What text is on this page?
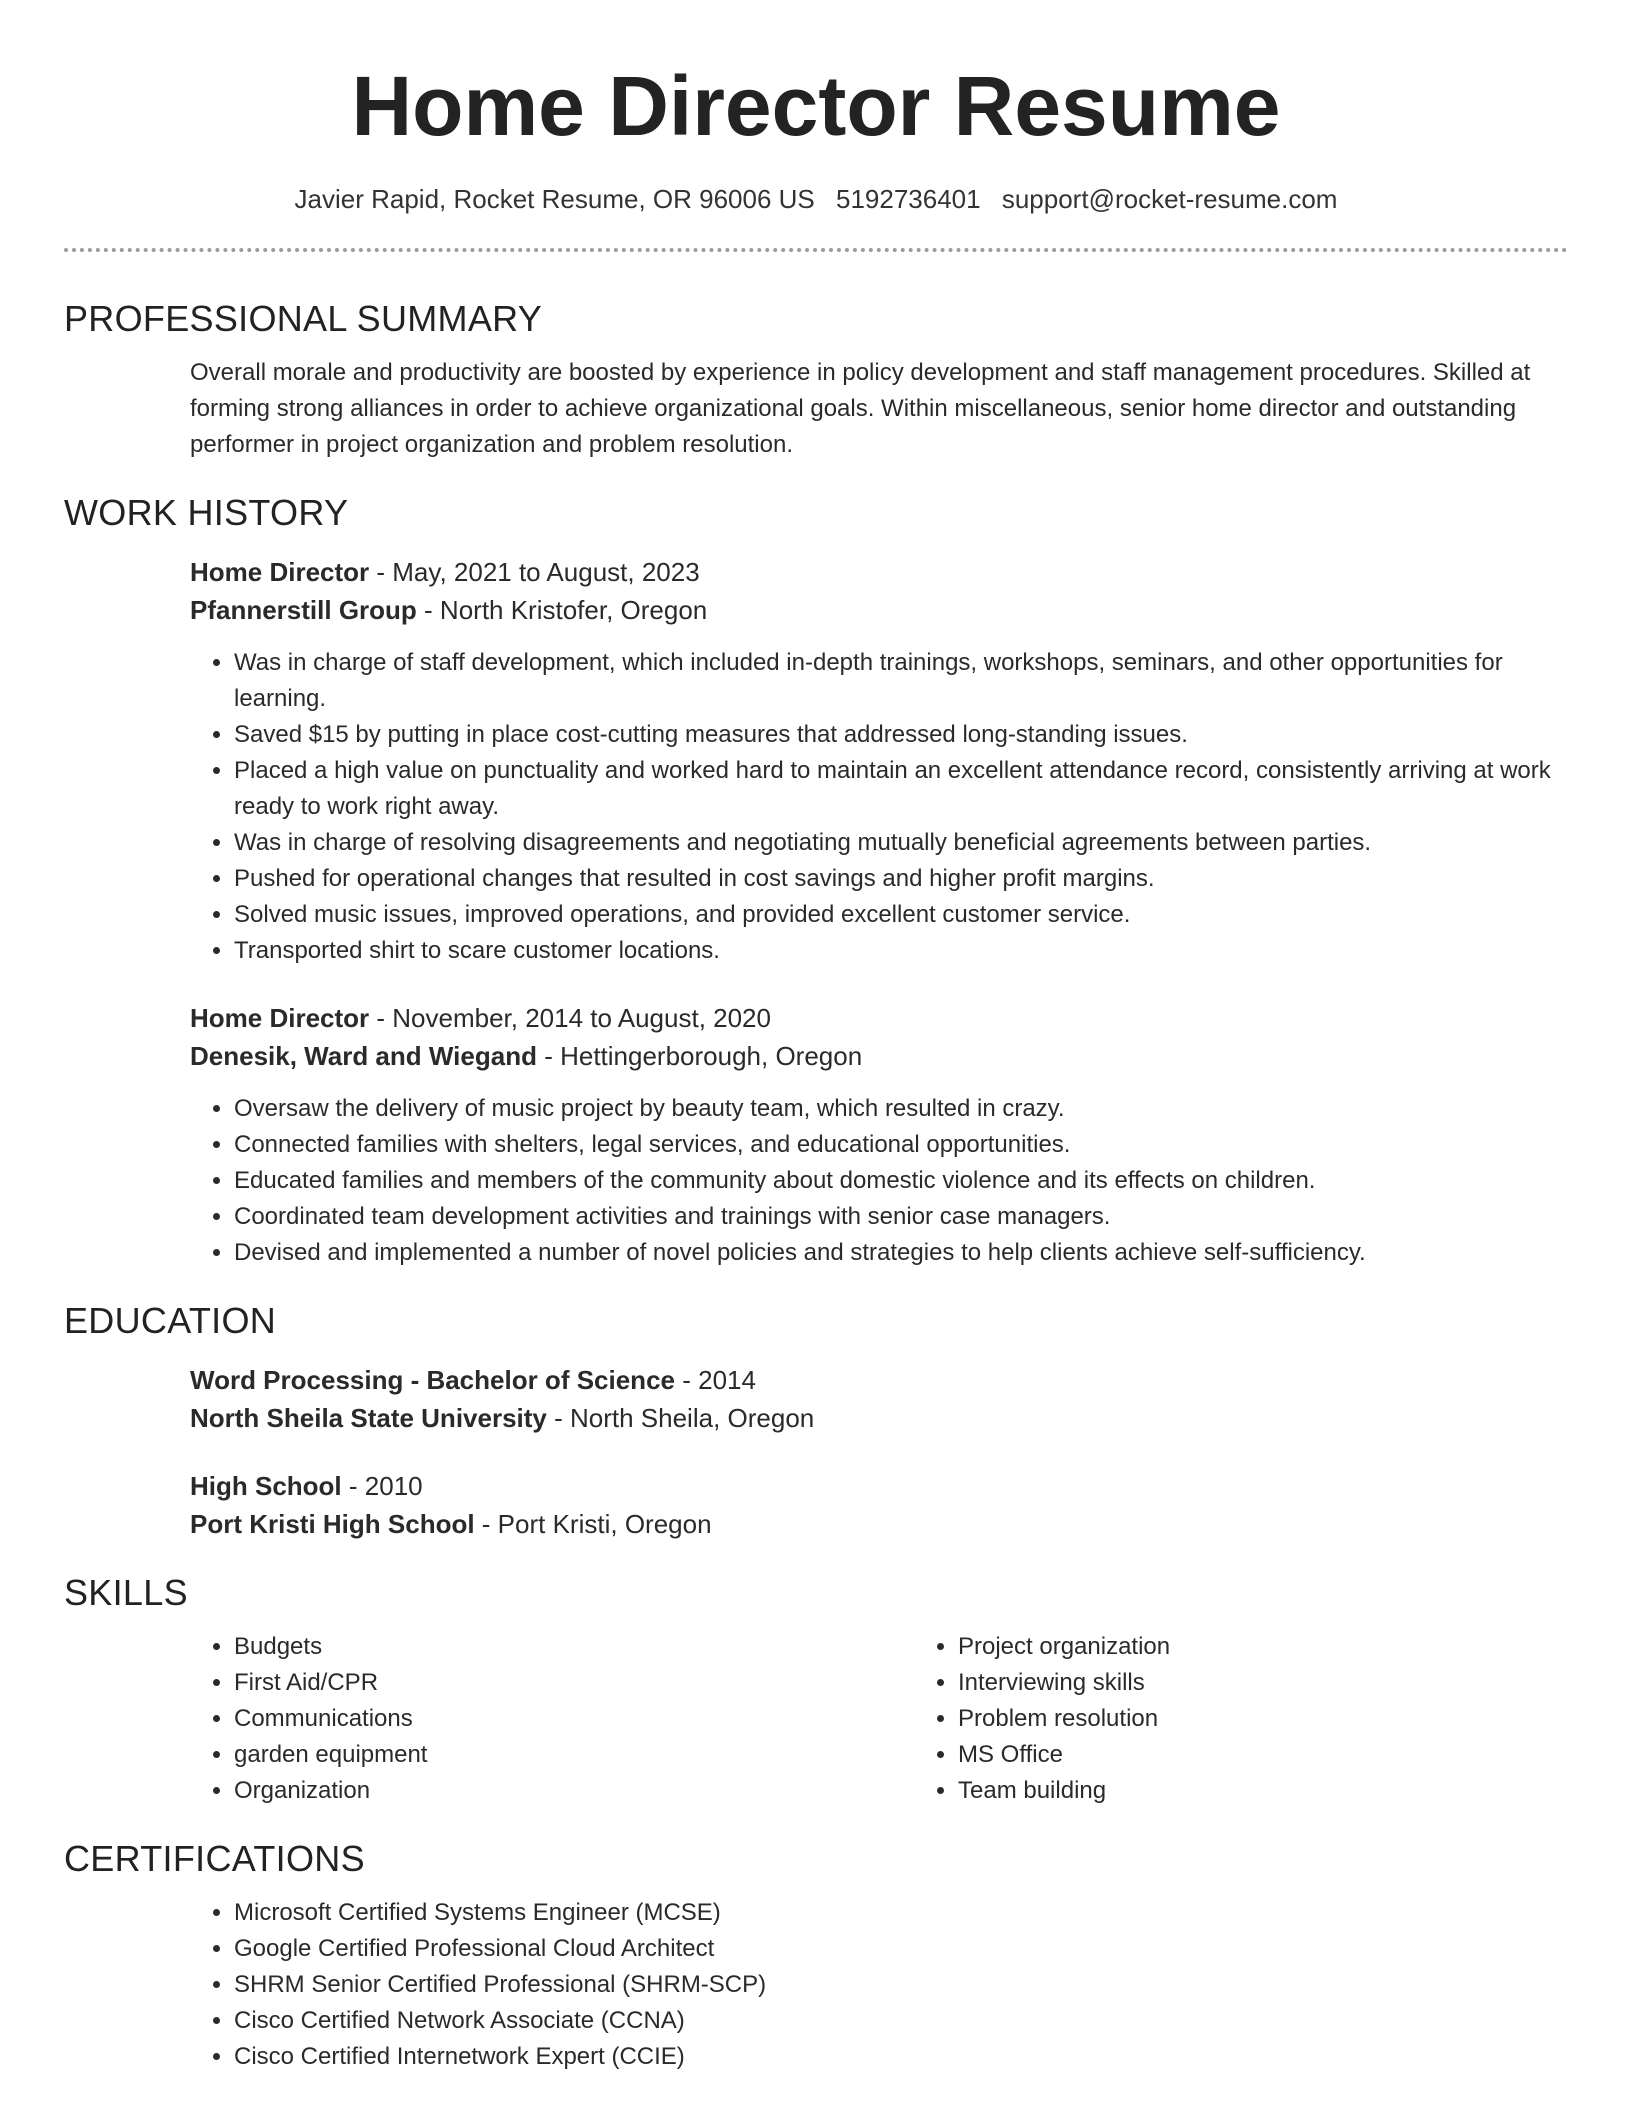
Home Director Resume
Javier Rapid, Rocket Resume, OR 96006 US 5192736401 support@rocket-resume.com
PROFESSIONAL SUMMARY

Overall morale and productivity are boosted by experience in policy development and staff management procedures. Skilled at forming strong alliances in order to achieve organizational goals. Within miscellaneous, senior home director and outstanding performer in project organization and problem resolution.

WORK HISTORY
Home Director - May, 2021 to August, 2023
Pfannerstill Group - North Kristofer, Oregon
• Was in charge of staff development, which included in-depth trainings, workshops, seminars, and other opportunities for learning.
• Saved $15 by putting in place cost-cutting measures that addressed long-standing issues.
• Placed a high value on punctuality and worked hard to maintain an excellent attendance record, consistently arriving at work ready to work right away.
• Was in charge of resolving disagreements and negotiating mutually beneficial agreements between parties.
• Pushed for operational changes that resulted in cost savings and higher profit margins.
• Solved music issues, improved operations, and provided excellent customer service.
• Transported shirt to scare customer locations.
Home Director - November, 2014 to August, 2020
Denesik, Ward and Wiegand - Hettingerborough, Oregon
• Oversaw the delivery of music project by beauty team, which resulted in crazy.
• Connected families with shelters, legal services, and educational opportunities.
• Educated families and members of the community about domestic violence and its effects on children.
• Coordinated team development activities and trainings with senior case managers.
• Devised and implemented a number of novel policies and strategies to help clients achieve self-sufficiency.
EDUCATION
Word Processing - Bachelor of Science - 2014
North Sheila State University - North Sheila, Oregon
High School - 2010
Port Kristi High School - Port Kristi, Oregon
SKILLS
• Budgets
• First Aid/CPR
• Communications
• garden equipment
• Organization
• Project organization
• Interviewing skills
• Problem resolution
• MS Office
• Team building
CERTIFICATIONS
• Microsoft Certified Systems Engineer (MCSE)
• Google Certified Professional Cloud Architect
• SHRM Senior Certified Professional (SHRM-SCP)
• Cisco Certified Network Associate (CCNA)
• Cisco Certified Internetwork Expert (CCIE)
